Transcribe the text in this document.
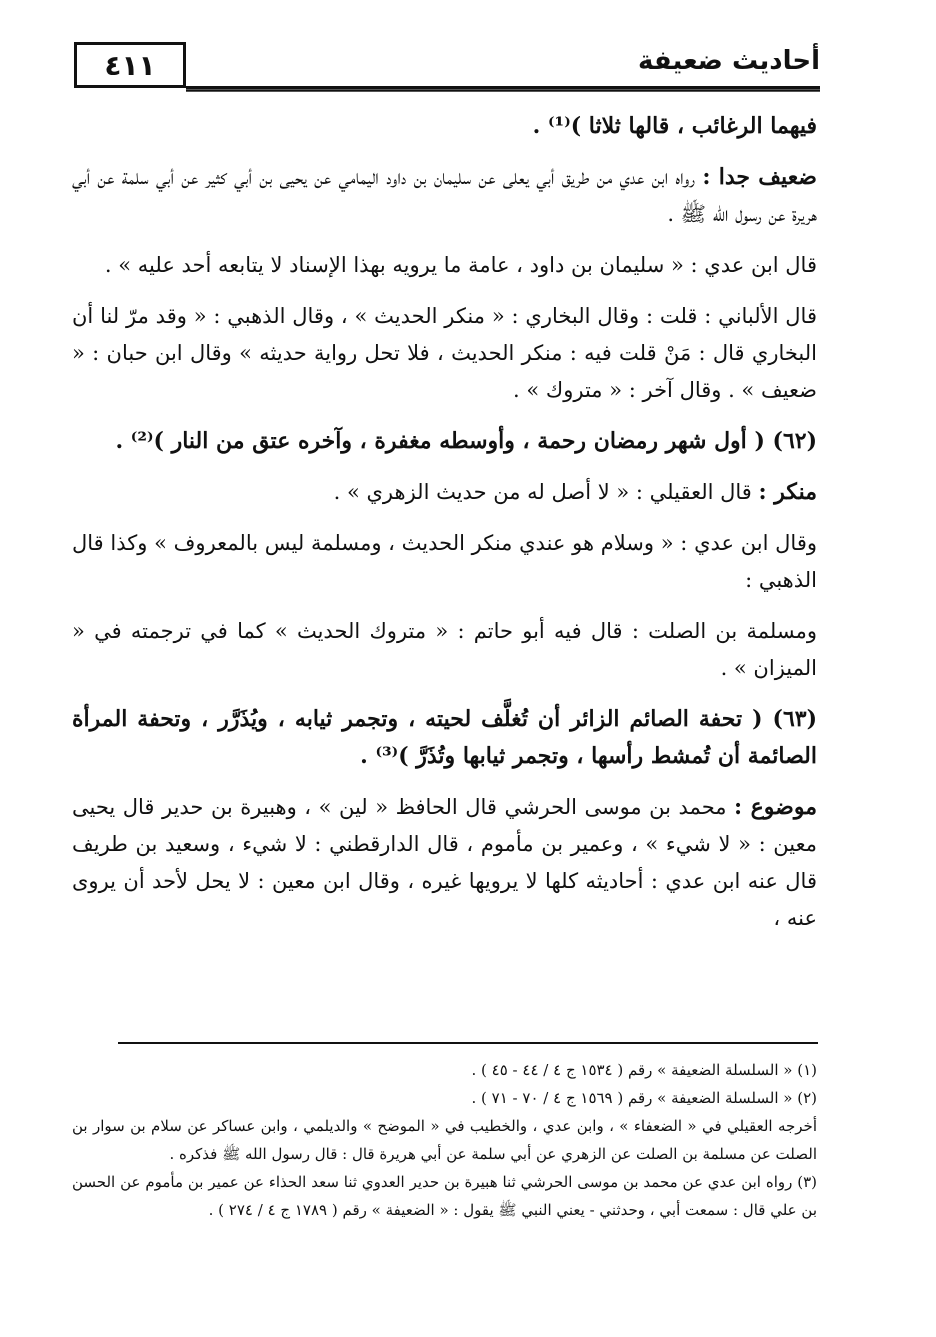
٤١١	أحاديث ضعيفة

فيهما الرغائب ، قالها ثلاثا )⁽¹⁾ .

ضعيف جدا : رواه ابن عدي من طريق أبي يعلى عن سليمان بن داود اليمامي عن يحيى بن أبي كثير عن أبي سلمة عن أبي هريرة عن رسول الله ﷺ .

قال ابن عدي : « سليمان بن داود ، عامة ما يرويه بهذا الإسناد لا يتابعه أحد عليه » .

قال الألباني : قلت : وقال البخاري : « منكر الحديث » ، وقال الذهبي : « وقد مرّ لنا أن البخاري قال : مَنْ قلت فيه : منكر الحديث ، فلا تحل رواية حديثه » وقال ابن حبان : « ضعيف » . وقال آخر : « متروك » .

(٦٢) ( أول شهر رمضان رحمة ، وأوسطه مغفرة ، وآخره عتق من النار )⁽²⁾ .

منكر : قال العقيلي : « لا أصل له من حديث الزهري » .

وقال ابن عدي : « وسلام هو عندي منكر الحديث ، ومسلمة ليس بالمعروف » وكذا قال الذهبي :

ومسلمة بن الصلت : قال فيه أبو حاتم : « متروك الحديث » كما في ترجمته في « الميزان » .

(٦٣) ( تحفة الصائم الزائر أن تُغلَّف لحيته ، وتجمر ثيابه ، ويُذَرَّر ، وتحفة المرأة الصائمة أن تُمشط رأسها ، وتجمر ثيابها وتُذَرَّ )⁽³⁾ .

موضوع : محمد بن موسى الحرشي قال الحافظ « لين » ، وهبيرة بن حدير قال يحيى معين : « لا شيء » ، وعمير بن مأموم ، قال الدارقطني : لا شيء ، وسعيد بن طريف قال عنه ابن عدي : أحاديثه كلها لا يرويها غيره ، وقال ابن معين : لا يحل لأحد أن يروى عنه ،

(١) « السلسلة الضعيفة » رقم ( ١٥٣٤ ج ٤ / ٤٤ - ٤٥ ) .

(٢) « السلسلة الضعيفة » رقم ( ١٥٦٩ ج ٤ / ٧٠ - ٧١ ) .

أخرجه العقيلي في « الضعفاء » ، وابن عدي ، والخطيب في « الموضح » والديلمي ، وابن عساكر عن سلام بن سوار بن الصلت عن مسلمة بن الصلت عن الزهري عن أبي سلمة عن أبي هريرة قال : قال رسول الله ﷺ فذكره .

(٣) رواه ابن عدي عن محمد بن موسى الحرشي ثنا هبيرة بن حدير العدوي ثنا سعد الحذاء عن عمير بن مأموم عن الحسن بن علي قال : سمعت أبي ، وحدثني - يعني النبي ﷺ يقول : « الضعيفة » رقم ( ١٧٨٩ ج ٤ / ٢٧٤ ) .
